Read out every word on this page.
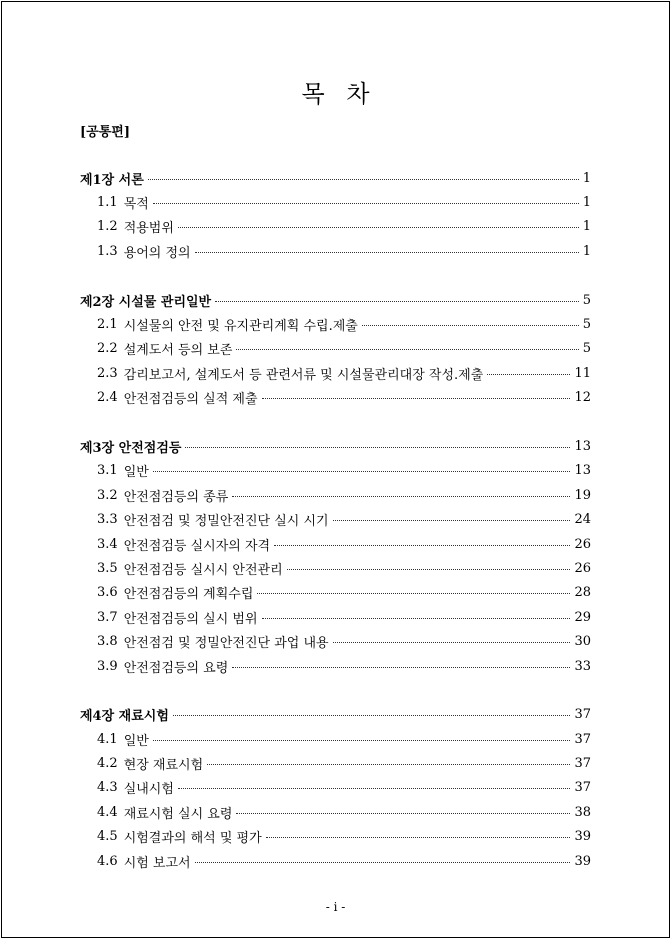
목 차
[공통편]
제1장 서론	1
1.1 목적	1
1.2 적용범위	1
1.3 용어의 정의	1
제2장 시설물 관리일반	5
2.1 시설물의 안전 및 유지관리계획 수립.제출	5
2.2 설계도서 등의 보존	5
2.3 감리보고서, 설계도서 등 관련서류 및 시설물관리대장 작성.제출	11
2.4 안전점검등의 실적 제출	12
제3장 안전점검등	13
3.1 일반	13
3.2 안전점검등의 종류	19
3.3 안전점검 및 정밀안전진단 실시 시기	24
3.4 안전점검등 실시자의 자격	26
3.5 안전점검등 실시시 안전관리	26
3.6 안전점검등의 계획수립	28
3.7 안전점검등의 실시 범위	29
3.8 안전점검 및 정밀안전진단 과업 내용	30
3.9 안전점검등의 요령	33
제4장 재료시험	37
4.1 일반	37
4.2 현장 재료시험	37
4.3 실내시험	37
4.4 재료시험 실시 요령	38
4.5 시험결과의 해석 및 평가	39
4.6 시험 보고서	39
- i -
